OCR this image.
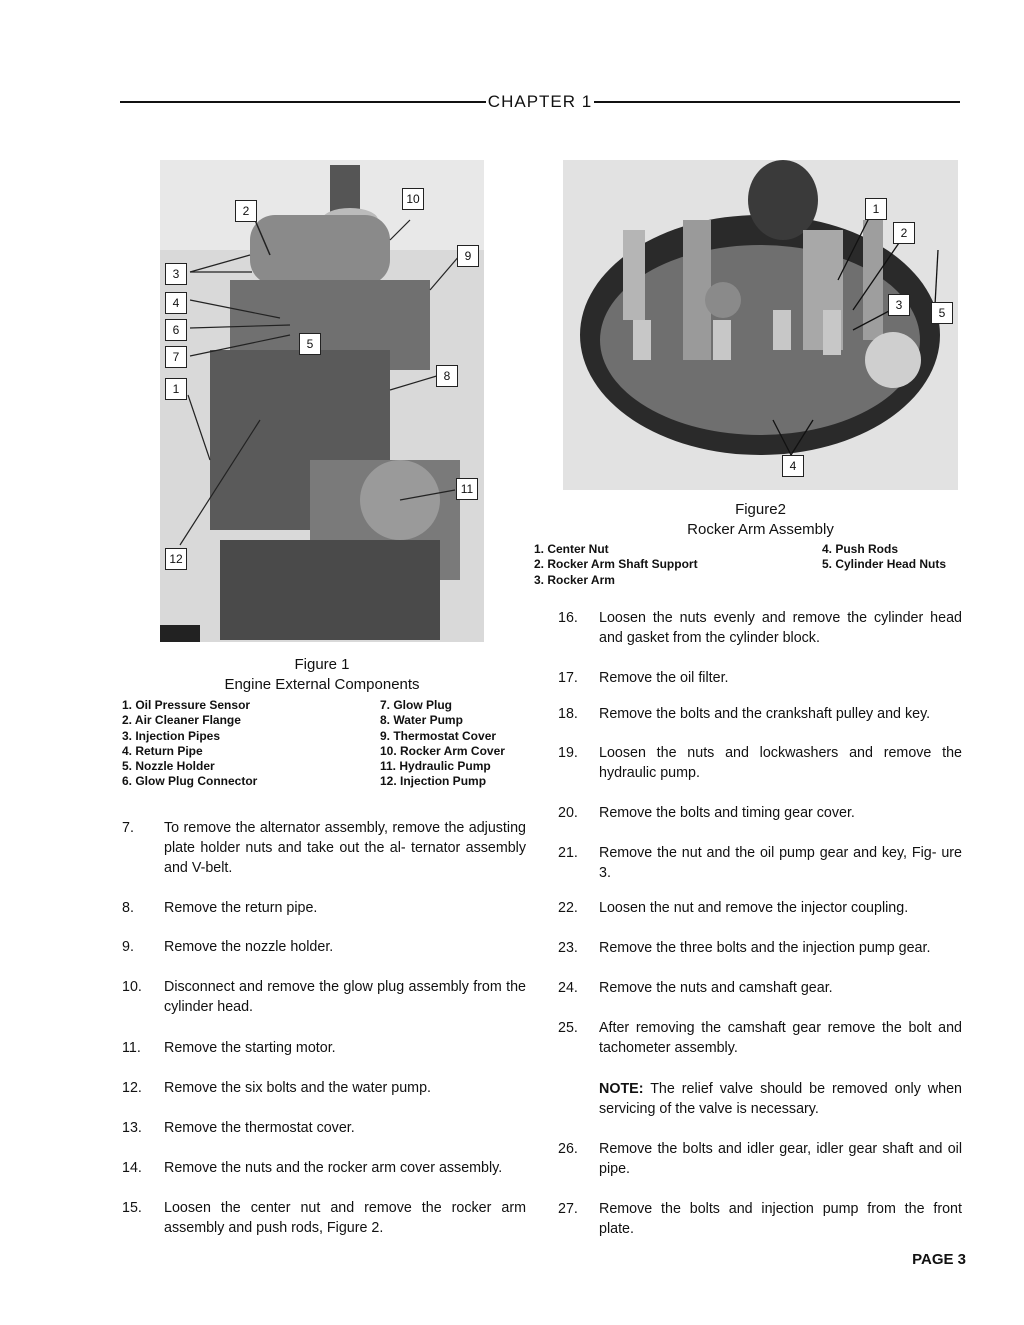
CHAPTER 1
2
10
9
3
4
6
7
5
8
1
11
12
Figure 1
Engine External Components
1. Oil Pressure Sensor
2. Air Cleaner Flange
3. Injection Pipes
4. Return Pipe
5. Nozzle Holder
6. Glow Plug Connector
7. Glow Plug
8. Water Pump
9. Thermostat Cover
10. Rocker Arm Cover
11. Hydraulic Pump
12. Injection Pump
1
2
3
5
4
Figure2
Rocker Arm Assembly
1. Center Nut
2. Rocker Arm Shaft Support
3. Rocker Arm
4. Push Rods
5. Cylinder Head Nuts
7. To remove the alternator assembly, remove the adjusting plate holder nuts and take out the al- ternator assembly and V-belt.
8. Remove the return pipe.
9. Remove the nozzle holder.
10. Disconnect and remove the glow plug assembly from the cylinder head.
11. Remove the starting motor.
12. Remove the six bolts and the water pump.
13. Remove the thermostat cover.
14. Remove the nuts and the rocker arm cover assembly.
15. Loosen the center nut and remove the rocker arm assembly and push rods, Figure 2.
16. Loosen the nuts evenly and remove the cylinder head and gasket from the cylinder block.
17. Remove the oil filter.
18. Remove the bolts and the crankshaft pulley and key.
19. Loosen the nuts and lockwashers and remove the hydraulic pump.
20. Remove the bolts and timing gear cover.
21. Remove the nut and the oil pump gear and key, Fig- ure 3.
22. Loosen the nut and remove the injector coupling.
23. Remove the three bolts and the injection pump gear.
24. Remove the nuts and camshaft gear.
25. After removing the camshaft gear remove the bolt and tachometer assembly.
NOTE: The relief valve should be removed only when servicing of the valve is necessary.
26. Remove the bolts and idler gear, idler gear shaft and oil pipe.
27. Remove the bolts and injection pump from the front plate.
PAGE 3
